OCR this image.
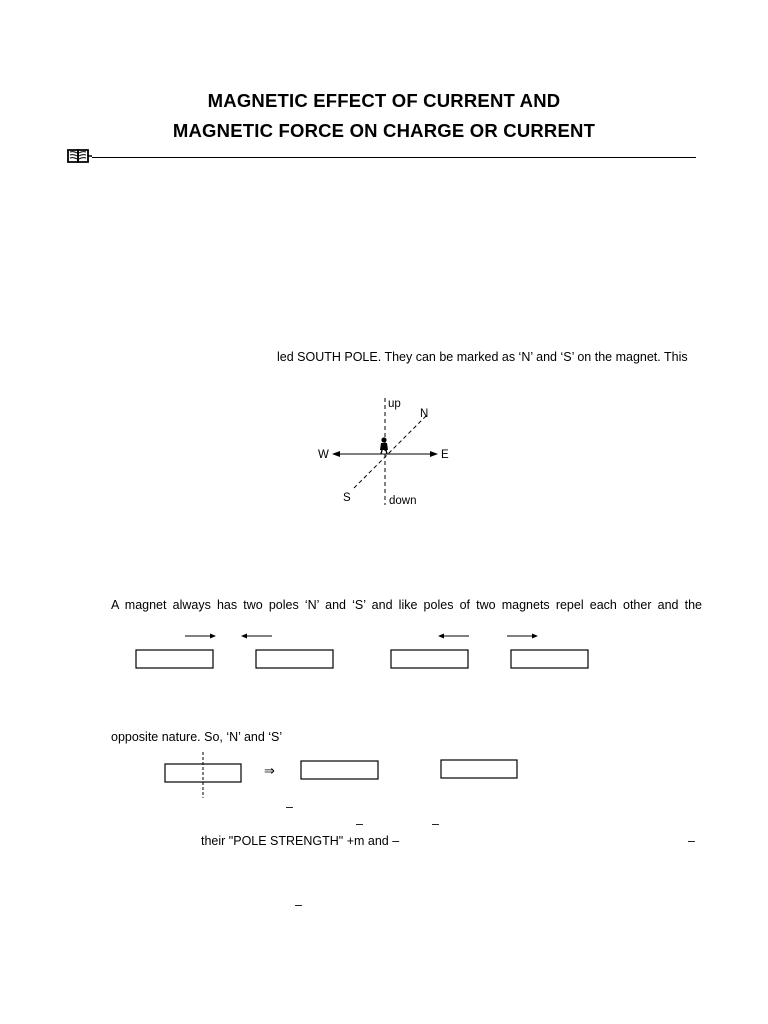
MAGNETIC EFFECT OF CURRENT AND
MAGNETIC FORCE ON CHARGE OR CURRENT
led SOUTH POLE. They can be marked as ‘N’ and ‘S’ on the magnet. This
up
N
W	E
S	down
A magnet always has two poles ‘N’ and ‘S’ and like poles of two magnets repel each other and the
opposite nature. So, ‘N’ and ‘S’
⇒
–
–	–
their "POLE STRENGTH" +m and –	–
–
